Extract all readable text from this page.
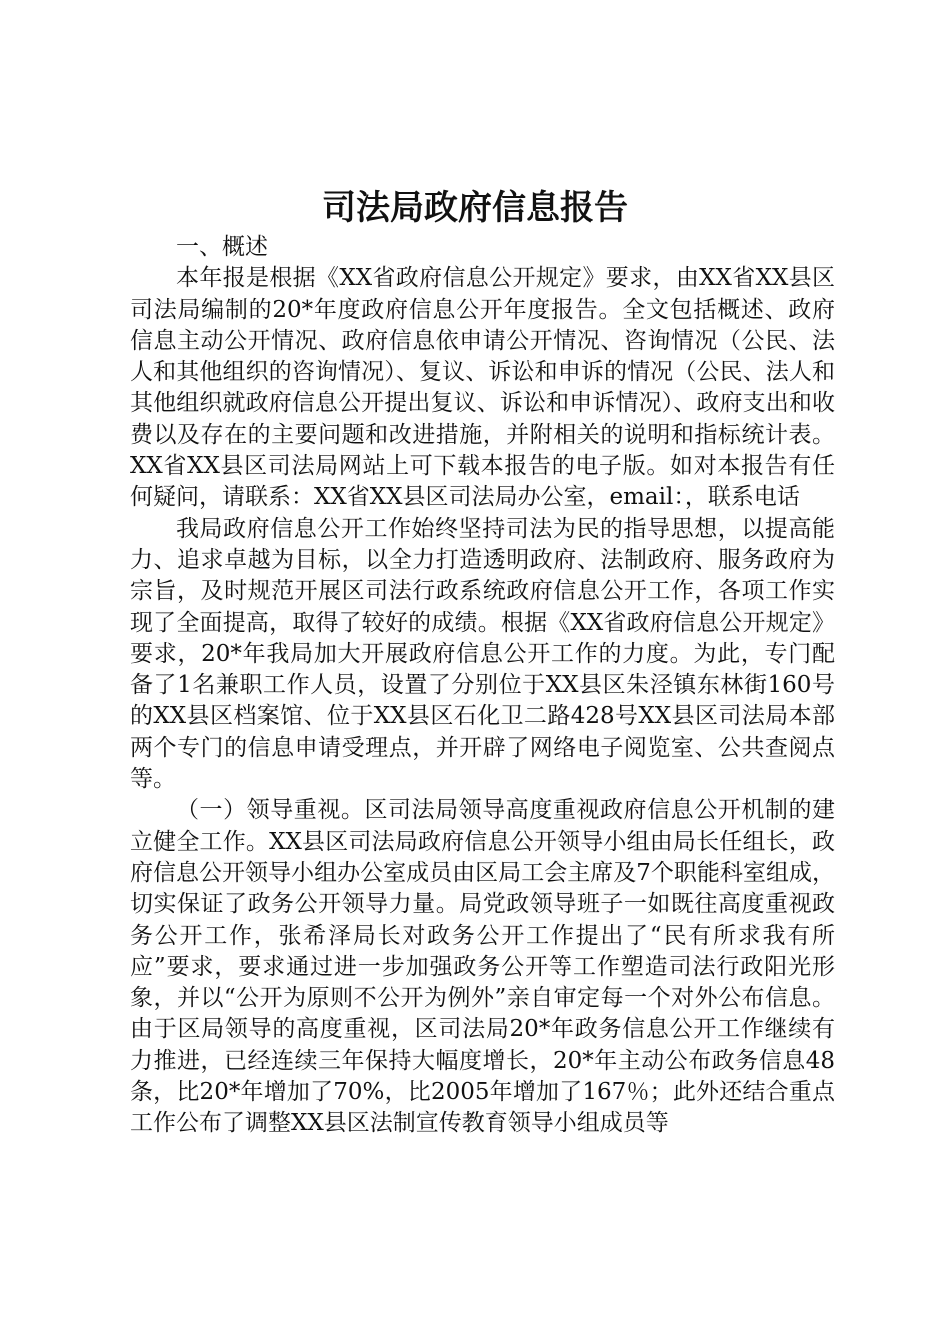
司法局政府信息报告

一、概述

本年报是根据《XX省政府信息公开规定》要求，由XX省XX县区司法局编制的20*年度政府信息公开年度报告。全文包括概述、政府信息主动公开情况、政府信息依申请公开情况、咨询情况（公民、法人和其他组织的咨询情况）、复议、诉讼和申诉的情况（公民、法人和其他组织就政府信息公开提出复议、诉讼和申诉情况）、政府支出和收费以及存在的主要问题和改进措施，并附相关的说明和指标统计表。XX省XX县区司法局网站上可下载本报告的电子版。如对本报告有任何疑问，请联系：XX省XX县区司法局办公室，email：，联系电话

我局政府信息公开工作始终坚持司法为民的指导思想，以提高能力、追求卓越为目标，以全力打造透明政府、法制政府、服务政府为宗旨，及时规范开展区司法行政系统政府信息公开工作，各项工作实现了全面提高，取得了较好的成绩。根据《XX省政府信息公开规定》要求，20*年我局加大开展政府信息公开工作的力度。为此，专门配备了1名兼职工作人员，设置了分别位于XX县区朱泾镇东林街160号的XX县区档案馆、位于XX县区石化卫二路428号XX县区司法局本部两个专门的信息申请受理点，并开辟了网络电子阅览室、公共查阅点等。

（一）领导重视。区司法局领导高度重视政府信息公开机制的建立健全工作。XX县区司法局政府信息公开领导小组由局长任组长，政府信息公开领导小组办公室成员由区局工会主席及7个职能科室组成，切实保证了政务公开领导力量。局党政领导班子一如既往高度重视政务公开工作，张希泽局长对政务公开工作提出了“民有所求我有所应”要求，要求通过进一步加强政务公开等工作塑造司法行政阳光形象，并以“公开为原则不公开为例外”亲自审定每一个对外公布信息。由于区局领导的高度重视，区司法局20*年政务信息公开工作继续有力推进，已经连续三年保持大幅度增长，20*年主动公布政务信息48条，比20*年增加了70%，比2005年增加了167％；此外还结合重点工作公布了调整XX县区法制宣传教育领导小组成员等
